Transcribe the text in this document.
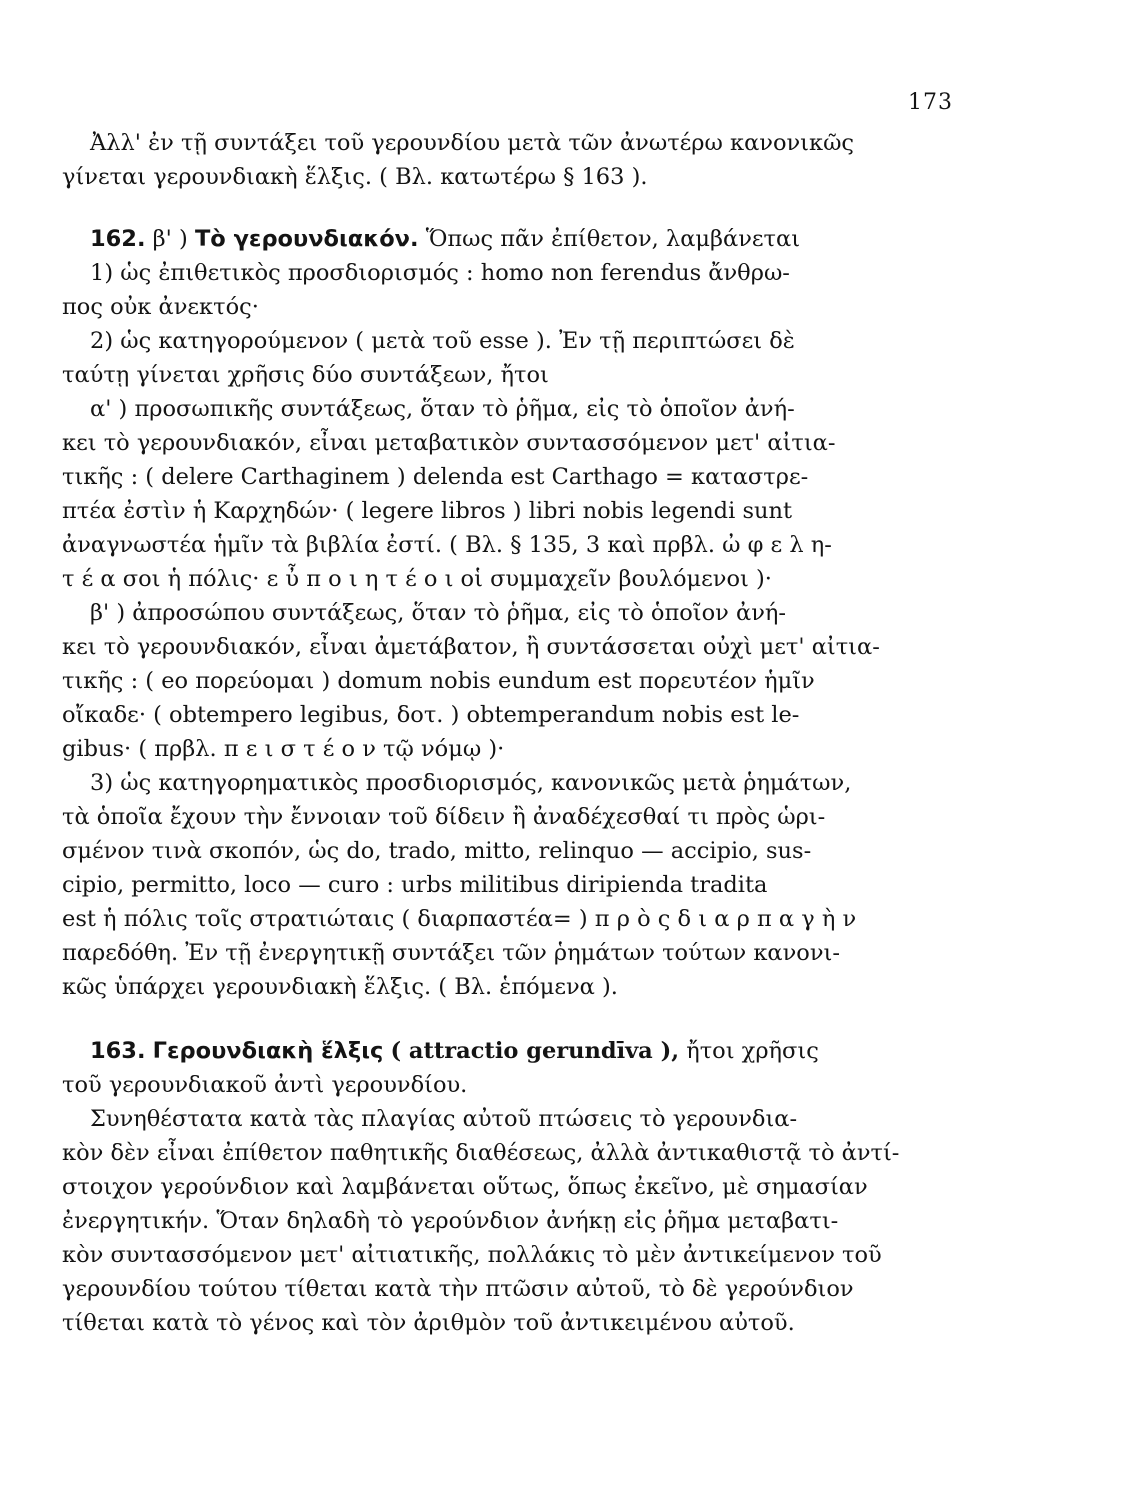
173
Ἀλλ' ἐν τῇ συντάξει τοῦ γερουνδίου μετὰ τῶν ἀνωτέρω κανονικῶς
γίνεται γερουνδιακὴ ἕλξις. ( Βλ. κατωτέρω § 163 ).
162. β' ) Τὸ γερουνδιακόν. Ὅπως πᾶν ἐπίθετον, λαμβάνεται
1) ὡς ἐπιθετικὸς προσδιορισμός : homo non ferendus ἄνθρω-
πος οὐκ ἀνεκτός·
2) ὡς κατηγορούμενον ( μετὰ τοῦ esse ). Ἐν τῇ περιπτώσει δὲ
ταύτῃ γίνεται χρῆσις δύο συντάξεων, ἤτοι
α' ) προσωπικῆς συντάξεως, ὅταν τὸ ῥῆμα, εἰς τὸ ὁποῖον ἀνή-
κει τὸ γερουνδιακόν, εἶναι μεταβατικὸν συντασσόμενον μετ' αἰτια-
τικῆς : ( delere Carthaginem ) delenda est Carthago = καταστρε-
πτέα ἐστὶν ἡ Καρχηδών· ( legere libros ) libri nobis legendi sunt
ἀναγνωστέα ἡμῖν τὰ βιβλία ἐστί. ( Βλ. § 135, 3 καὶ πρβλ. ὠ φ ε λ η-
τ έ α σοι ἡ πόλις· ε ὖ π ο ι η τ έ ο ι οἱ συμμαχεῖν βουλόμενοι )·
β' ) ἀπροσώπου συντάξεως, ὅταν τὸ ῥῆμα, εἰς τὸ ὁποῖον ἀνή-
κει τὸ γερουνδιακόν, εἶναι ἀμετάβατον, ἢ συντάσσεται οὐχὶ μετ' αἰτια-
τικῆς : ( eo πορεύομαι ) domum nobis eundum est πορευτέον ἡμῖν
οἴκαδε· ( obtempero legibus, δοτ. ) obtemperandum nobis est le-
gibus· ( πρβλ. π ε ι σ τ έ ο ν τῷ νόμῳ )·
3) ὡς κατηγορηματικὸς προσδιορισμός, κανονικῶς μετὰ ῥημάτων,
τὰ ὁποῖα ἔχουν τὴν ἔννοιαν τοῦ δίδειν ἢ ἀναδέχεσθαί τι πρὸς ὡρι-
σμένον τινὰ σκοπόν, ὡς do, trado, mitto, relinquo — accipio, sus-
cipio, permitto, loco — curo : urbs militibus diripienda tradita
est ἡ πόλις τοῖς στρατιώταις ( διαρπαστέα= ) π ρ ὸ ς δ ι α ρ π α γ ὴ ν
παρεδόθη. Ἐν τῇ ἐνεργητικῇ συντάξει τῶν ῥημάτων τούτων κανονι-
κῶς ὑπάρχει γερουνδιακὴ ἕλξις. ( Βλ. ἑπόμενα ).
163. Γερουνδιακὴ ἕλξις ( attractio gerundīva ), ἤτοι χρῆσις
τοῦ γερουνδιακοῦ ἀντὶ γερουνδίου.
Συνηθέστατα κατὰ τὰς πλαγίας αὐτοῦ πτώσεις τὸ γερουνδια-
κὸν δὲν εἶναι ἐπίθετον παθητικῆς διαθέσεως, ἀλλὰ ἀντικαθιστᾷ τὸ ἀντί-
στοιχον γερούνδιον καὶ λαμβάνεται οὕτως, ὅπως ἐκεῖνο, μὲ σημασίαν
ἐνεργητικήν. Ὅταν δηλαδὴ τὸ γερούνδιον ἀνήκῃ εἰς ῥῆμα μεταβατι-
κὸν συντασσόμενον μετ' αἰτιατικῆς, πολλάκις τὸ μὲν ἀντικείμενον τοῦ
γερουνδίου τούτου τίθεται κατὰ τὴν πτῶσιν αὐτοῦ, τὸ δὲ γερούνδιον
τίθεται κατὰ τὸ γένος καὶ τὸν ἀριθμὸν τοῦ ἀντικειμένου αὐτοῦ.
